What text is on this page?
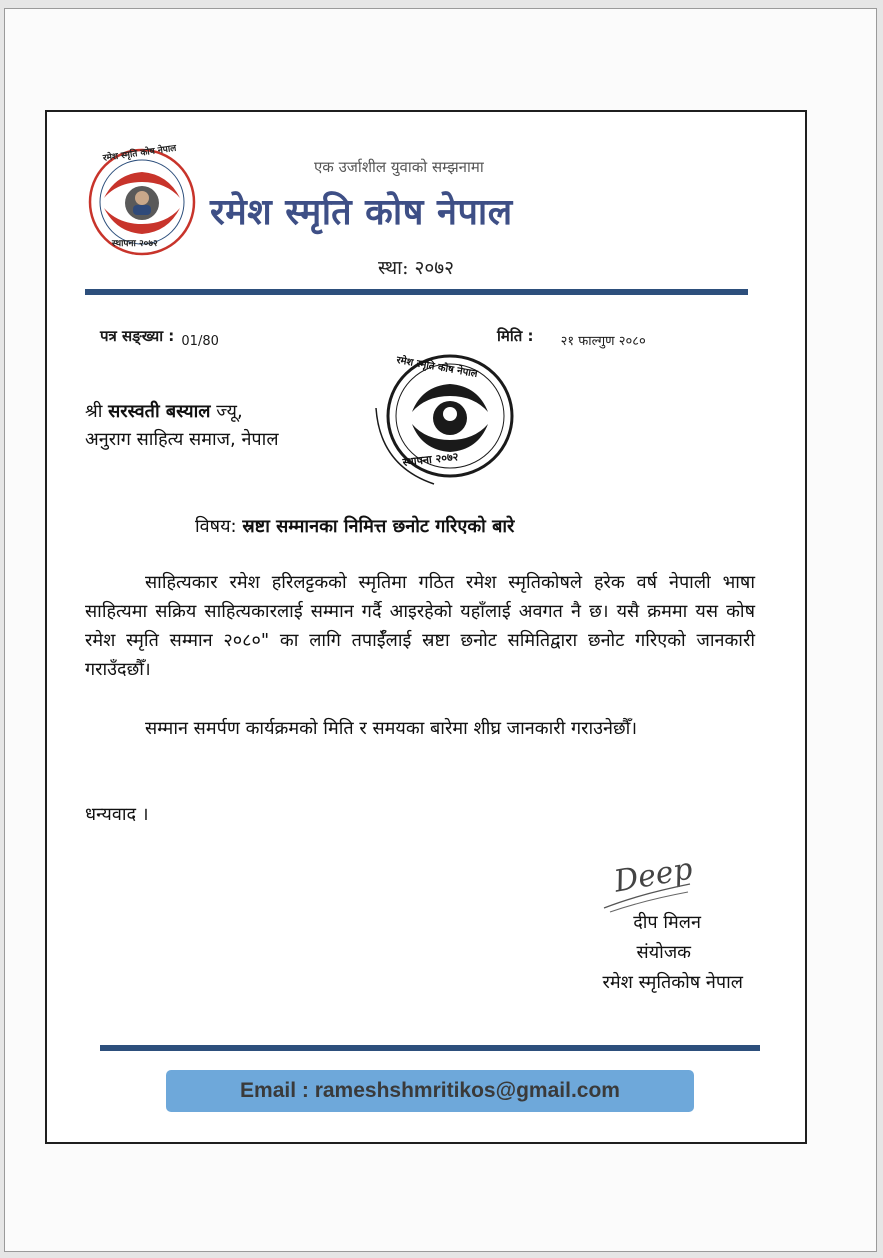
रमेश स्मृति कोष नेपाल
स्थापना २०७२
एक उर्जाशील युवाको सम्झनामा
रमेश स्मृति कोष नेपाल
स्था: २०७२
पत्र सङ्ख्या : $_{01/80}$	मिति : $_{२१ फाल्गुण २०८०}$
रमेश स्मृति कोष नेपाल
स्थापना २०७२
श्री सरस्वती बस्याल ज्यू,
अनुराग साहित्य समाज, नेपाल
विषय: स्रष्टा सम्मानका निमित्त छनोट गरिएको बारे
साहित्यकार रमेश हरिलट्टकको स्मृतिमा गठित रमेश स्मृतिकोषले हरेक वर्ष नेपाली भाषा साहित्यमा सक्रिय साहित्यकारलाई सम्मान गर्दै आइरहेको यहाँलाई अवगत नै छ। यसै क्रममा यस कोष रमेश स्मृति सम्मान २०८०" का लागि तपाईँलाई स्रष्टा छनोट समितिद्वारा छनोट गरिएको जानकारी गराउँदछौँ।
सम्मान समर्पण कार्यक्रमको मिति र समयका बारेमा शीघ्र जानकारी गराउनेछौँ।
धन्यवाद ।
Deep
दीप मिलन
संयोजक
रमेश स्मृतिकोष नेपाल
Email : rameshshmritikos@gmail.com
